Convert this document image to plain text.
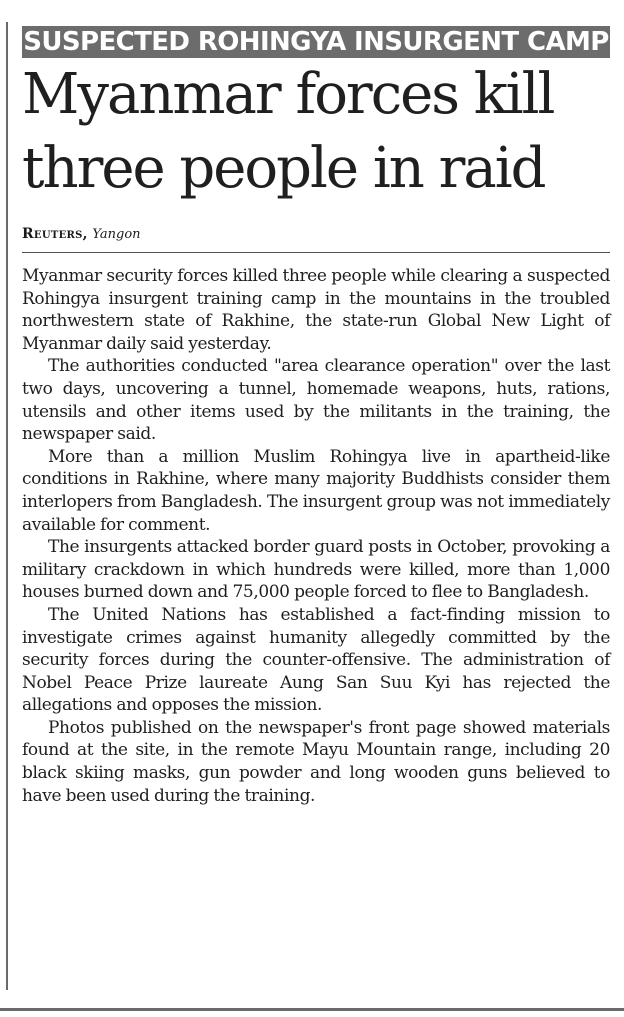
SUSPECTED ROHINGYA INSURGENT CAMP
Myanmar forces kill
three people in raid
Reuters, Yangon

Myanmar security forces killed three people while clearing a suspected Rohingya insurgent training camp in the mountains in the troubled northwestern state of Rakhine, the state-run Global New Light of Myanmar daily said yesterday.

The authorities conducted "area clearance operation" over the last two days, uncovering a tunnel, homemade weapons, huts, rations, utensils and other items used by the militants in the training, the newspaper said.

More than a million Muslim Rohingya live in apartheid-like conditions in Rakhine, where many majority Buddhists consider them interlopers from Bangladesh. The insurgent group was not immediately available for comment.

The insurgents attacked border guard posts in October, provoking a military crackdown in which hundreds were killed, more than 1,000 houses burned down and 75,000 people forced to flee to Bangladesh.

The United Nations has established a fact-finding mission to investigate crimes against humanity allegedly committed by the security forces during the counter-offensive. The administration of Nobel Peace Prize laureate Aung San Suu Kyi has rejected the allegations and opposes the mission.

Photos published on the newspaper's front page showed materials found at the site, in the remote Mayu Mountain range, including 20 black skiing masks, gun powder and long wooden guns believed to have been used during the training.
